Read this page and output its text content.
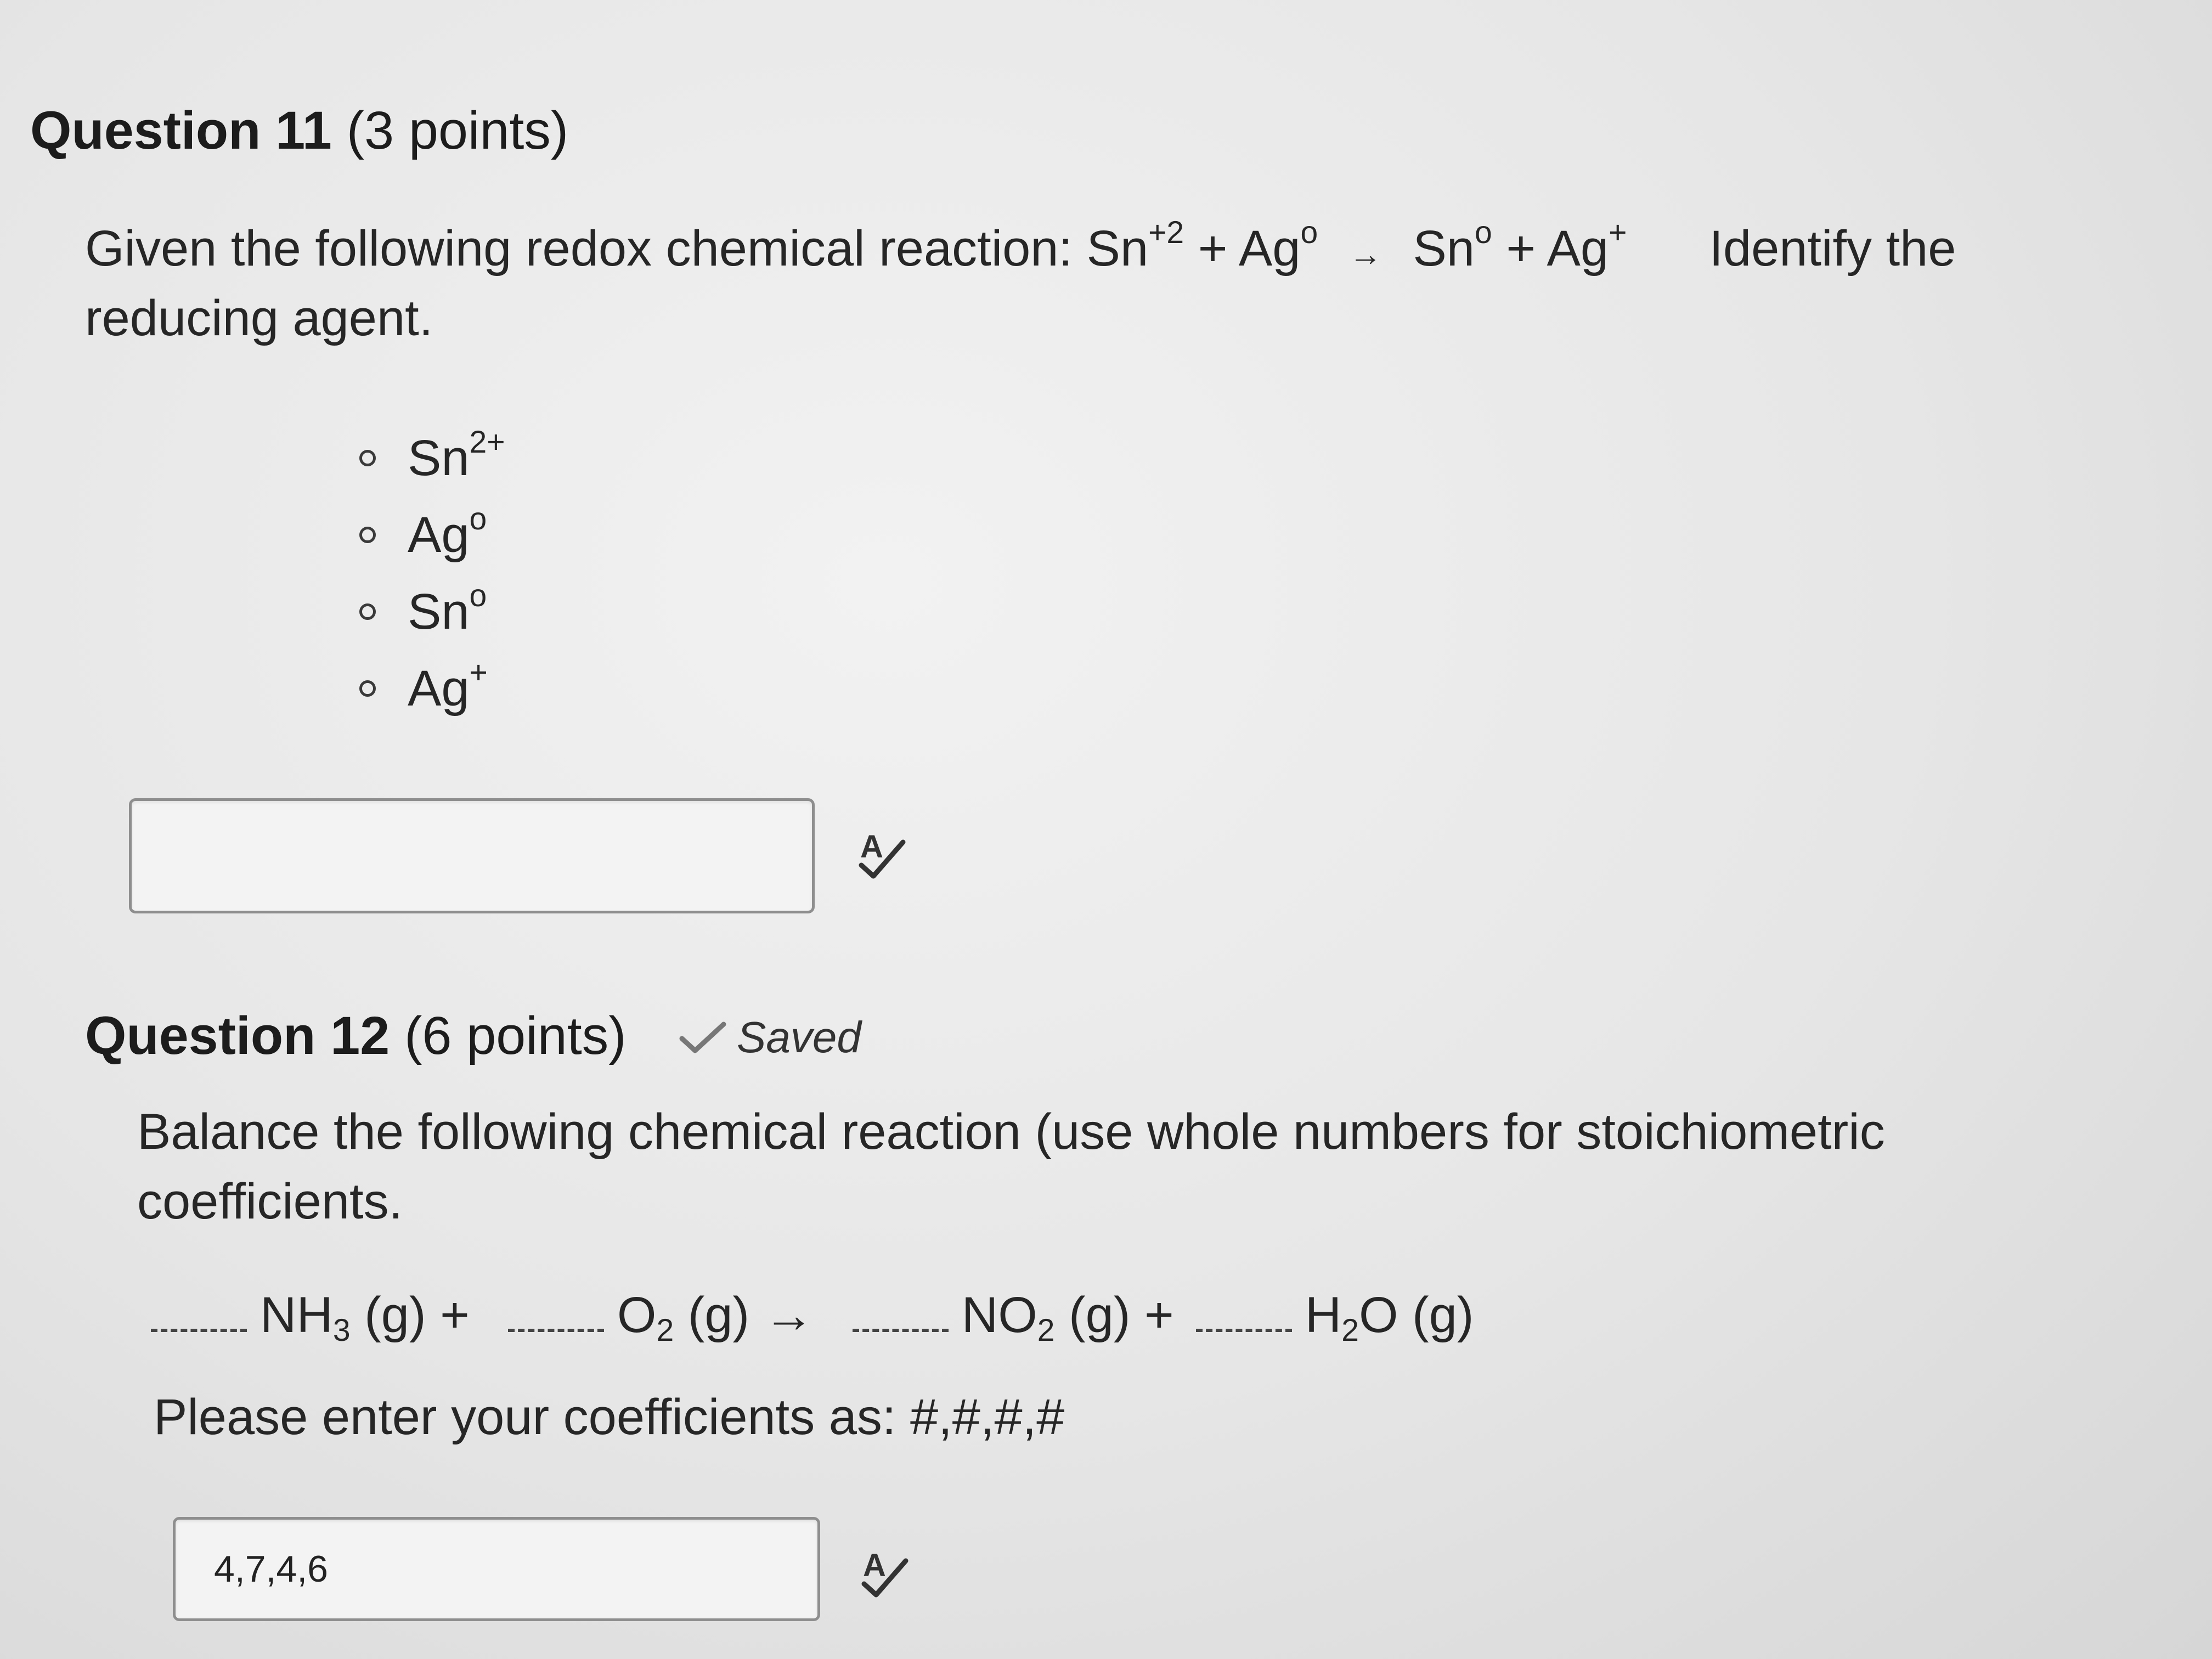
Question 11 (3 points)
Given the following redox chemical reaction: $Sn^{+2} + Ag^o \to Sn^o + Ag^+$ Identify the reducing agent.
$Sn^{2+}$
Ag$^o$
Sn$^o$
Ag+
A
Question 12 (6 points)	Saved
Balance the following chemical reaction (use whole numbers for stoichiometric
coefficients.
$NH_3$ (g) +	$O_2$ (g) →	$NO_2$ (g) +	$H_2O$ (g)
Please enter your coefficients as: #,#,#,#
4,7,4,6
A
